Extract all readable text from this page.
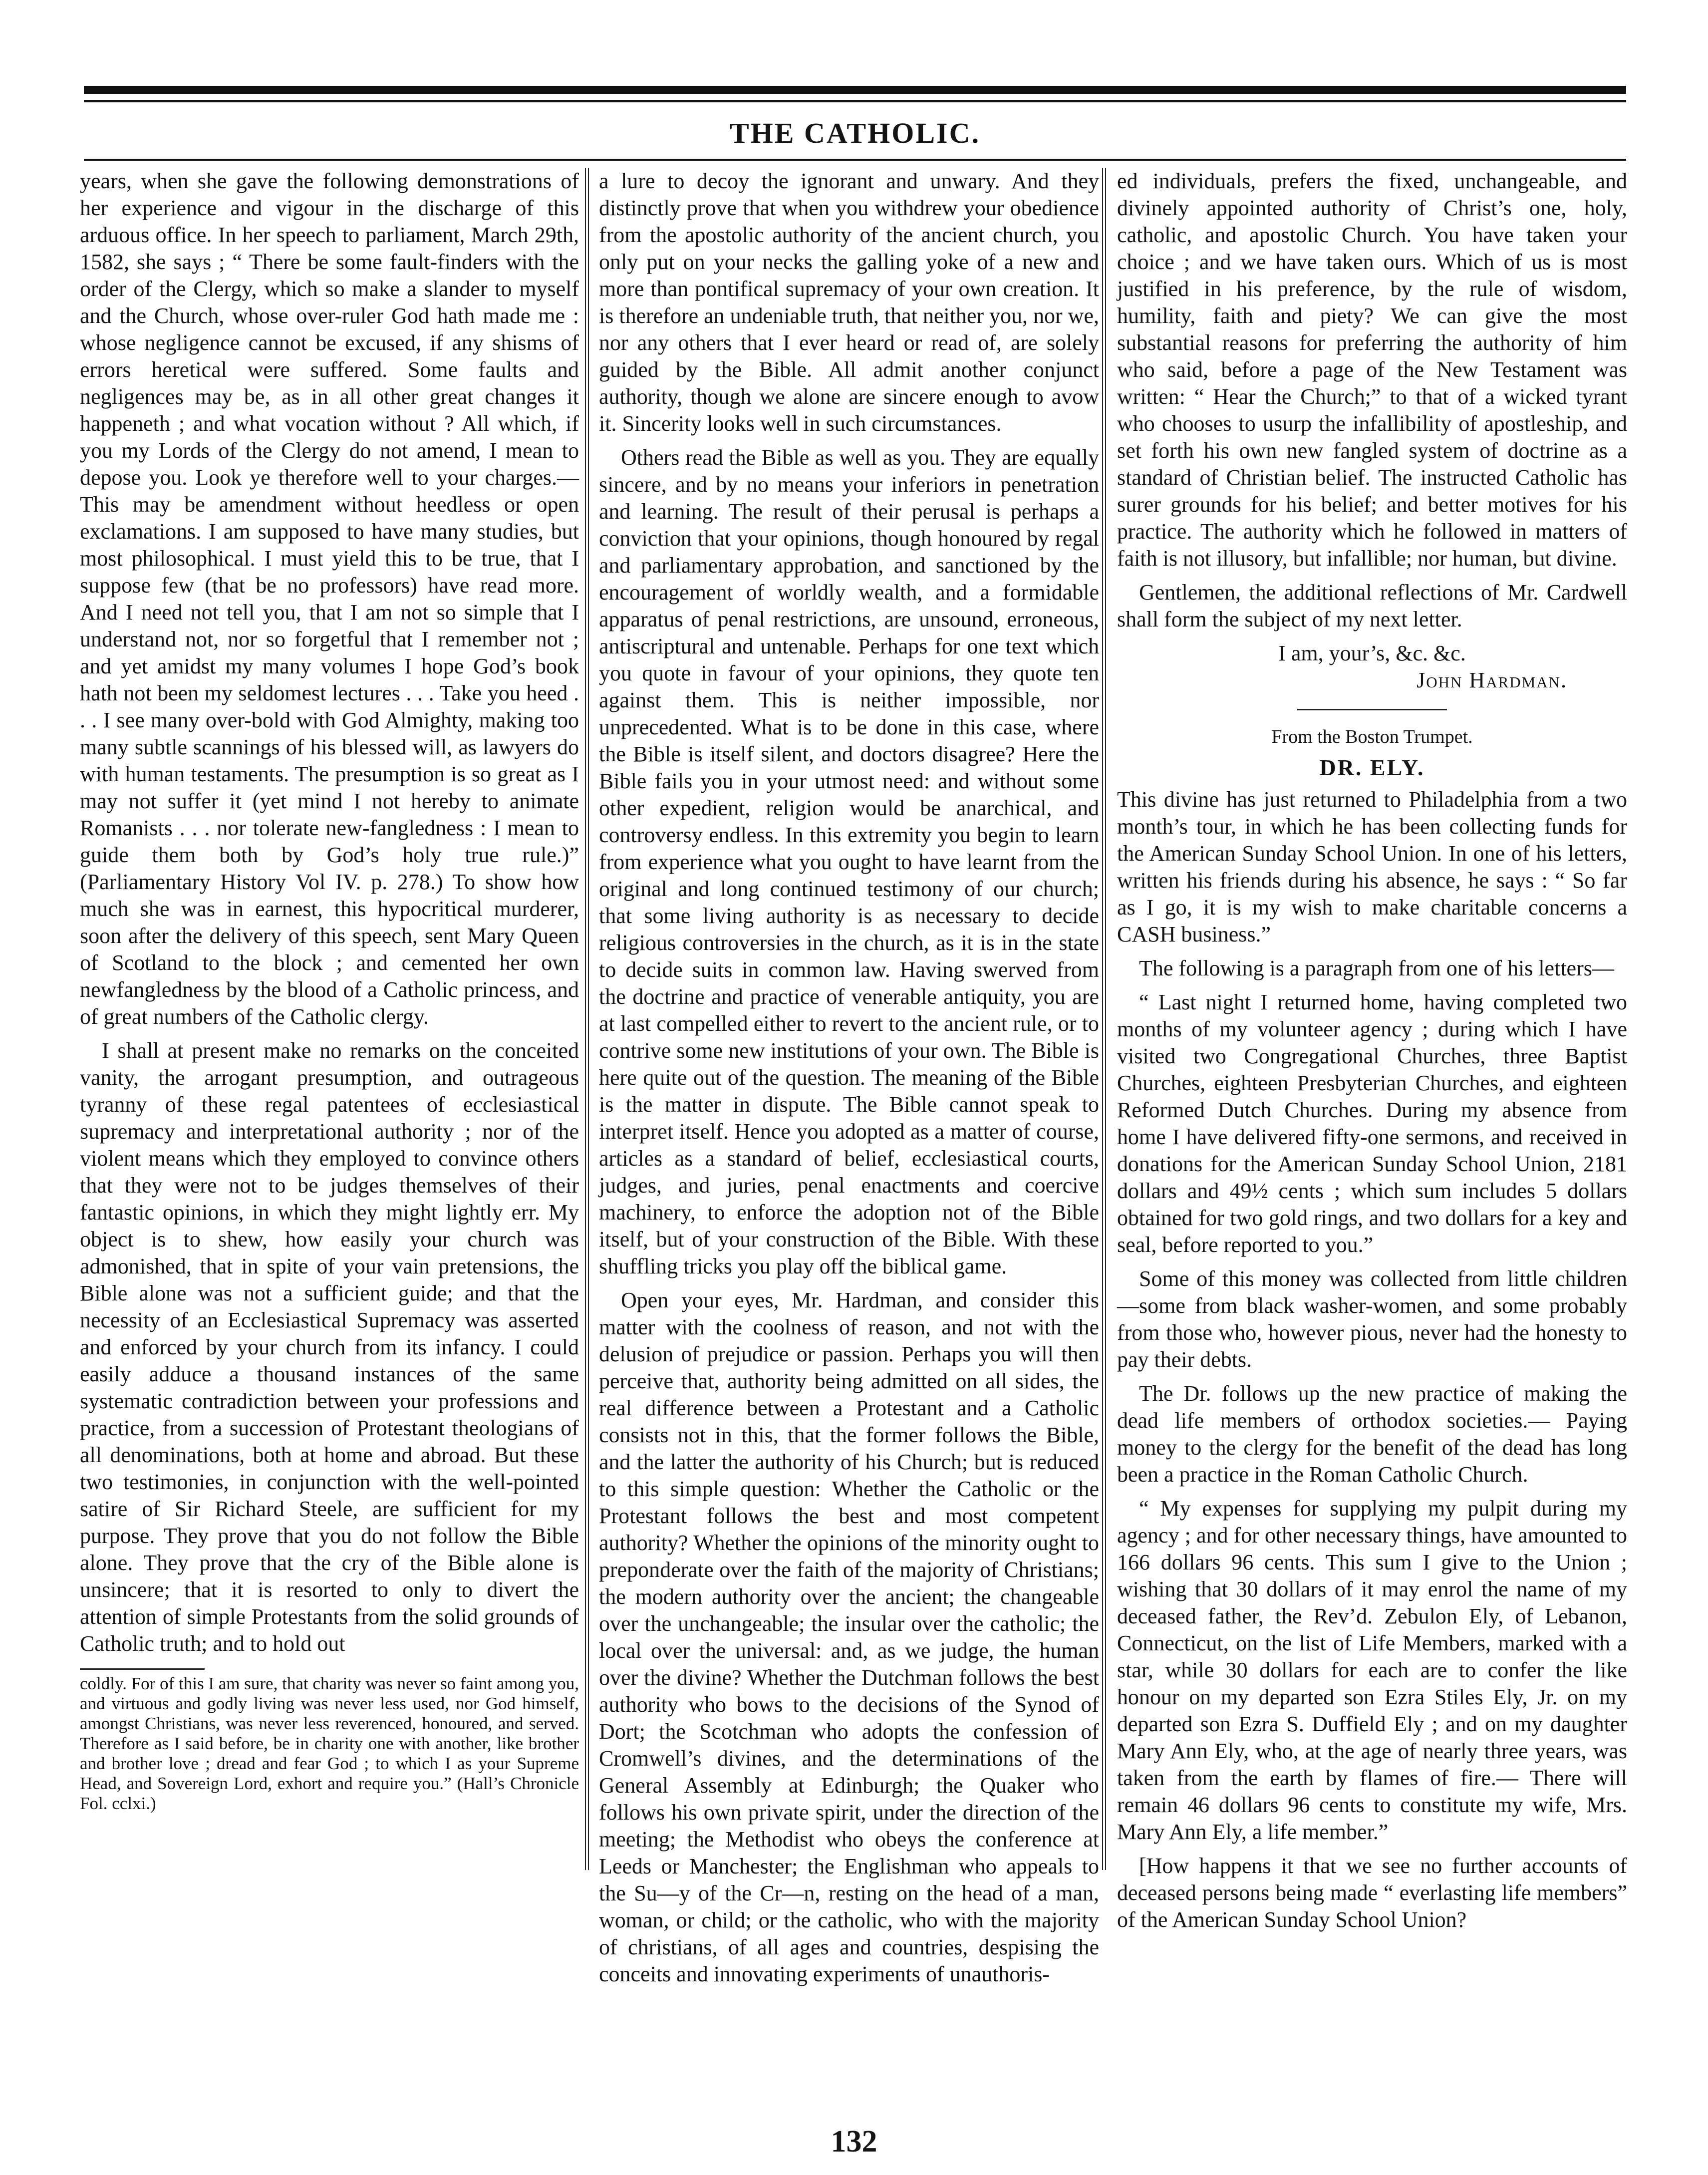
THE CATHOLIC.

years, when she gave the following demonstrations of her experience and vigour in the discharge of this arduous office. In her speech to parliament, March 29th, 1582, she says ; “ There be some fault-finders with the order of the Clergy, which so make a slander to myself and the Church, whose over-ruler God hath made me : whose negligence cannot be excused, if any shisms of errors heretical were suffered. Some faults and negligences may be, as in all other great changes it happeneth ; and what vocation without ? All which, if you my Lords of the Clergy do not amend, I mean to depose you. Look ye therefore well to your charges.— This may be amendment without heedless or open exclamations. I am supposed to have many studies, but most philosophical. I must yield this to be true, that I suppose few (that be no professors) have read more. And I need not tell you, that I am not so simple that I understand not, nor so forgetful that I remember not ; and yet amidst my many volumes I hope God’s book hath not been my seldomest lectures . . . Take you heed . . . I see many over-bold with God Almighty, making too many subtle scannings of his blessed will, as lawyers do with human testaments. The presumption is so great as I may not suffer it (yet mind I not hereby to animate Romanists . . . nor tolerate new-fangledness : I mean to guide them both by God’s holy true rule.)” (Parliamentary History Vol IV. p. 278.) To show how much she was in earnest, this hypocritical murderer, soon after the delivery of this speech, sent Mary Queen of Scotland to the block ; and cemented her own newfangledness by the blood of a Catholic princess, and of great numbers of the Catholic clergy.

I shall at present make no remarks on the conceited vanity, the arrogant presumption, and outrageous tyranny of these regal patentees of ecclesiastical supremacy and interpretational authority ; nor of the violent means which they employed to convince others that they were not to be judges themselves of their fantastic opinions, in which they might lightly err. My object is to shew, how easily your church was admonished, that in spite of your vain pretensions, the Bible alone was not a sufficient guide; and that the necessity of an Ecclesiastical Supremacy was asserted and enforced by your church from its infancy. I could easily adduce a thousand instances of the same systematic contradiction between your professions and practice, from a succession of Protestant theologians of all denominations, both at home and abroad. But these two testimonies, in conjunction with the well-pointed satire of Sir Richard Steele, are sufficient for my purpose. They prove that you do not follow the Bible alone. They prove that the cry of the Bible alone is unsincere; that it is resorted to only to divert the attention of simple Protestants from the solid grounds of Catholic truth; and to hold out

coldly. For of this I am sure, that charity was never so faint among you, and virtuous and godly living was never less used, nor God himself, amongst Christians, was never less reverenced, honoured, and served. Therefore as I said before, be in charity one with another, like brother and brother love ; dread and fear God ; to which I as your Supreme Head, and Sovereign Lord, exhort and require you.” (Hall’s Chronicle Fol. cclxi.)

a lure to decoy the ignorant and unwary. And they distinctly prove that when you withdrew your obedience from the apostolic authority of the ancient church, you only put on your necks the galling yoke of a new and more than pontifical supremacy of your own creation. It is therefore an undeniable truth, that neither you, nor we, nor any others that I ever heard or read of, are solely guided by the Bible. All admit another conjunct authority, though we alone are sincere enough to avow it. Sincerity looks well in such circumstances.

Others read the Bible as well as you. They are equally sincere, and by no means your inferiors in penetration and learning. The result of their perusal is perhaps a conviction that your opinions, though honoured by regal and parliamentary approbation, and sanctioned by the encouragement of worldly wealth, and a formidable apparatus of penal restrictions, are unsound, erroneous, antiscriptural and untenable. Perhaps for one text which you quote in favour of your opinions, they quote ten against them. This is neither impossible, nor unprecedented. What is to be done in this case, where the Bible is itself silent, and doctors disagree? Here the Bible fails you in your utmost need: and without some other expedient, religion would be anarchical, and controversy endless. In this extremity you begin to learn from experience what you ought to have learnt from the original and long continued testimony of our church; that some living authority is as necessary to decide religious controversies in the church, as it is in the state to decide suits in common law. Having swerved from the doctrine and practice of venerable antiquity, you are at last compelled either to revert to the ancient rule, or to contrive some new institutions of your own. The Bible is here quite out of the question. The meaning of the Bible is the matter in dispute. The Bible cannot speak to interpret itself. Hence you adopted as a matter of course, articles as a standard of belief, ecclesiastical courts, judges, and juries, penal enactments and coercive machinery, to enforce the adoption not of the Bible itself, but of your construction of the Bible. With these shuffling tricks you play off the biblical game.

Open your eyes, Mr. Hardman, and consider this matter with the coolness of reason, and not with the delusion of prejudice or passion. Perhaps you will then perceive that, authority being admitted on all sides, the real difference between a Protestant and a Catholic consists not in this, that the former follows the Bible, and the latter the authority of his Church; but is reduced to this simple question: Whether the Catholic or the Protestant follows the best and most competent authority? Whether the opinions of the minority ought to preponderate over the faith of the majority of Christians; the modern authority over the ancient; the changeable over the unchangeable; the insular over the catholic; the local over the universal: and, as we judge, the human over the divine? Whether the Dutchman follows the best authority who bows to the decisions of the Synod of Dort; the Scotchman who adopts the confession of Cromwell’s divines, and the determinations of the General Assembly at Edinburgh; the Quaker who follows his own private spirit, under the direction of the meeting; the Methodist who obeys the conference at Leeds or Manchester; the Englishman who appeals to the Su—y of the Cr—n, resting on the head of a man, woman, or child; or the catholic, who with the majority of christians, of all ages and countries, despising the conceits and innovating experiments of unauthoris-

ed individuals, prefers the fixed, unchangeable, and divinely appointed authority of Christ’s one, holy, catholic, and apostolic Church. You have taken your choice ; and we have taken ours. Which of us is most justified in his preference, by the rule of wisdom, humility, faith and piety? We can give the most substantial reasons for preferring the authority of him who said, before a page of the New Testament was written: “ Hear the Church;” to that of a wicked tyrant who chooses to usurp the infallibility of apostleship, and set forth his own new fangled system of doctrine as a standard of Christian belief. The instructed Catholic has surer grounds for his belief; and better motives for his practice. The authority which he followed in matters of faith is not illusory, but infallible; nor human, but divine.

Gentlemen, the additional reflections of Mr. Cardwell shall form the subject of my next letter.

I am, your’s, &c. &c.

John Hardman.

From the Boston Trumpet.

DR. ELY.

This divine has just returned to Philadelphia from a two month’s tour, in which he has been collecting funds for the American Sunday School Union. In one of his letters, written his friends during his absence, he says : “ So far as I go, it is my wish to make charitable concerns a CASH business.”

The following is a paragraph from one of his letters—

“ Last night I returned home, having completed two months of my volunteer agency ; during which I have visited two Congregational Churches, three Baptist Churches, eighteen Presbyterian Churches, and eighteen Reformed Dutch Churches. During my absence from home I have delivered fifty-one sermons, and received in donations for the American Sunday School Union, 2181 dollars and 49½ cents ; which sum includes 5 dollars obtained for two gold rings, and two dollars for a key and seal, before reported to you.”

Some of this money was collected from little children—some from black washer-women, and some probably from those who, however pious, never had the honesty to pay their debts.

The Dr. follows up the new practice of making the dead life members of orthodox societies.— Paying money to the clergy for the benefit of the dead has long been a practice in the Roman Catholic Church.

“ My expenses for supplying my pulpit during my agency ; and for other necessary things, have amounted to 166 dollars 96 cents. This sum I give to the Union ; wishing that 30 dollars of it may enrol the name of my deceased father, the Rev’d. Zebulon Ely, of Lebanon, Connecticut, on the list of Life Members, marked with a star, while 30 dollars for each are to confer the like honour on my departed son Ezra Stiles Ely, Jr. on my departed son Ezra S. Duffield Ely ; and on my daughter Mary Ann Ely, who, at the age of nearly three years, was taken from the earth by flames of fire.— There will remain 46 dollars 96 cents to constitute my wife, Mrs. Mary Ann Ely, a life member.”

[How happens it that we see no further accounts of deceased persons being made “ everlasting life members” of the American Sunday School Union?

132
